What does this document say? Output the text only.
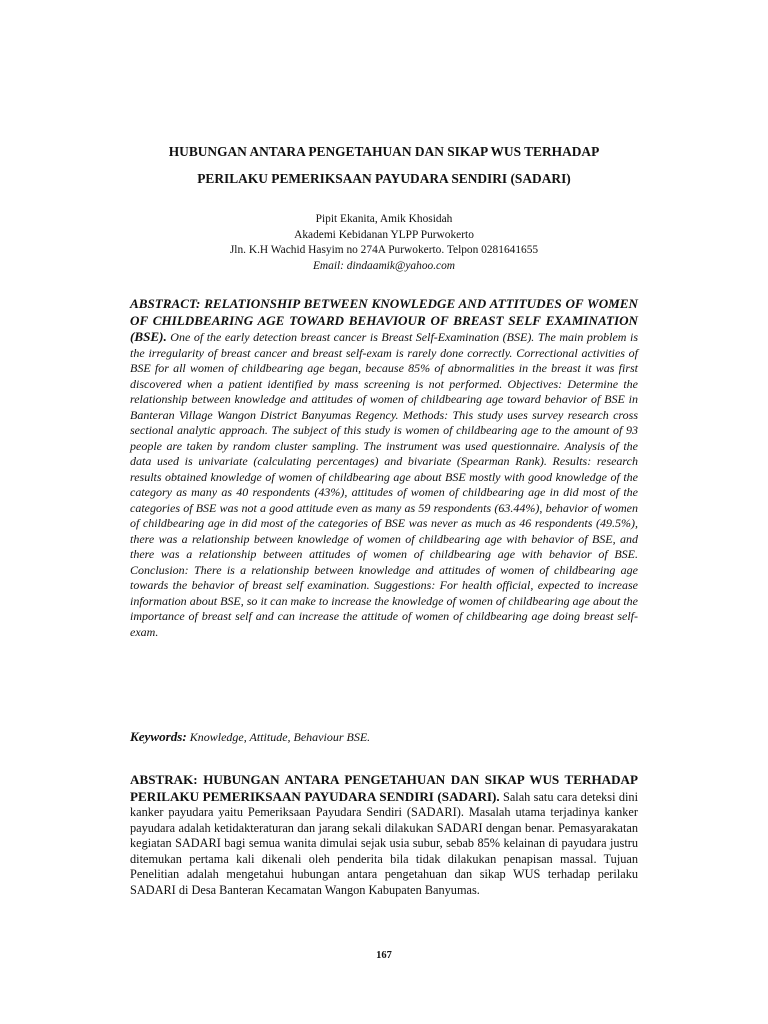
HUBUNGAN ANTARA PENGETAHUAN DAN SIKAP WUS TERHADAP
PERILAKU PEMERIKSAAN PAYUDARA SENDIRI (SADARI)
Pipit Ekanita, Amik Khosidah
Akademi Kebidanan YLPP Purwokerto
Jln. K.H Wachid Hasyim no 274A Purwokerto. Telpon 0281641655
Email: dindaamik@yahoo.com

ABSTRACT: RELATIONSHIP BETWEEN KNOWLEDGE AND ATTITUDES OF WOMEN OF CHILDBEARING AGE TOWARD BEHAVIOUR OF BREAST SELF EXAMINATION (BSE). One of the early detection breast cancer is Breast Self-Examination (BSE). The main problem is the irregularity of breast cancer and breast self-exam is rarely done correctly. Correctional activities of BSE for all women of childbearing age began, because 85% of abnormalities in the breast it was first discovered when a patient identified by mass screening is not performed. Objectives: Determine the relationship between knowledge and attitudes of women of childbearing age toward behavior of BSE in Banteran Village Wangon District Banyumas Regency. Methods: This study uses survey research cross sectional analytic approach. The subject of this study is women of childbearing age to the amount of 93 people are taken by random cluster sampling. The instrument was used questionnaire. Analysis of the data used is univariate (calculating percentages) and bivariate (Spearman Rank). Results: research results obtained knowledge of women of childbearing age about BSE mostly with good knowledge of the category as many as 40 respondents (43%), attitudes of women of childbearing age in did most of the categories of BSE was not a good attitude even as many as 59 respondents (63.44%), behavior of women of childbearing age in did most of the categories of BSE was never as much as 46 respondents (49.5%), there was a relationship between knowledge of women of childbearing age with behavior of BSE, and there was a relationship between attitudes of women of childbearing age with behavior of BSE. Conclusion: There is a relationship between knowledge and attitudes of women of childbearing age towards the behavior of breast self examination. Suggestions: For health official, expected to increase information about BSE, so it can make to increase the knowledge of women of childbearing age about the importance of breast self and can increase the attitude of women of childbearing age doing breast self-exam.

Keywords: Knowledge, Attitude, Behaviour BSE.

ABSTRAK: HUBUNGAN ANTARA PENGETAHUAN DAN SIKAP WUS TERHADAP PERILAKU PEMERIKSAAN PAYUDARA SENDIRI (SADARI). Salah satu cara deteksi dini kanker payudara yaitu Pemeriksaan Payudara Sendiri (SADARI). Masalah utama terjadinya kanker payudara adalah ketidakteraturan dan jarang sekali dilakukan SADARI dengan benar. Pemasyarakatan kegiatan SADARI bagi semua wanita dimulai sejak usia subur, sebab 85% kelainan di payudara justru ditemukan pertama kali dikenali oleh penderita bila tidak dilakukan penapisan massal. Tujuan Penelitian adalah mengetahui hubungan antara pengetahuan dan sikap WUS terhadap perilaku SADARI di Desa Banteran Kecamatan Wangon Kabupaten Banyumas.

167
